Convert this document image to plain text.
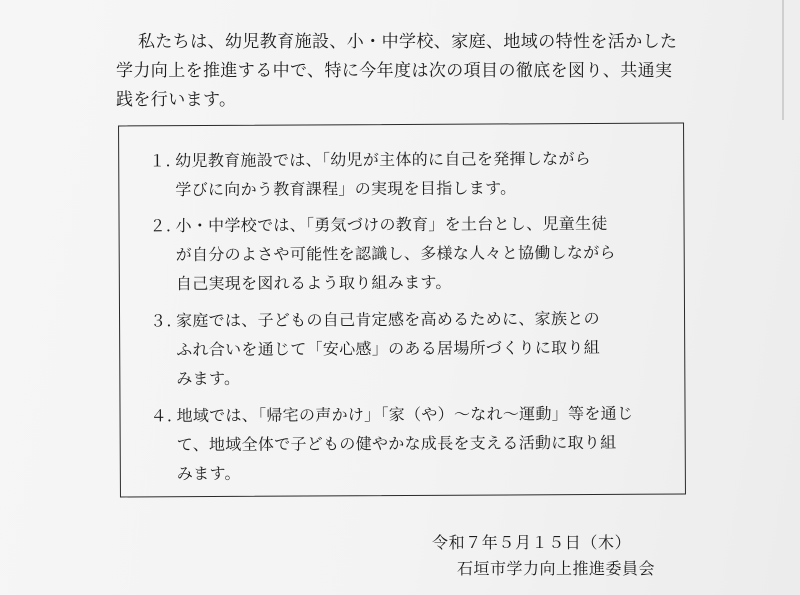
私たちは、幼児教育施設、小・中学校、家庭、地域の特性を活かした
学力向上を推進する中で、特に今年度は次の項目の徹底を図り、共通実
践を行います。

１. 幼児教育施設では、「幼児が主体的に自己を発揮しながら
学びに向かう教育課程」の実現を目指します。
２. 小・中学校では、「勇気づけの教育」を土台とし、児童生徒
が自分のよさや可能性を認識し、多様な人々と協働しながら
自己実現を図れるよう取り組みます。
３. 家庭では、子どもの自己肯定感を高めるために、家族との
ふれ合いを通じて「安心感」のある居場所づくりに取り組
みます。
４. 地域では、「帰宅の声かけ」「家（や）～なれ～運動」等を通じ
て、地域全体で子どもの健やかな成長を支える活動に取り組
みます。
令和７年５月１５日（木）
石垣市学力向上推進委員会
